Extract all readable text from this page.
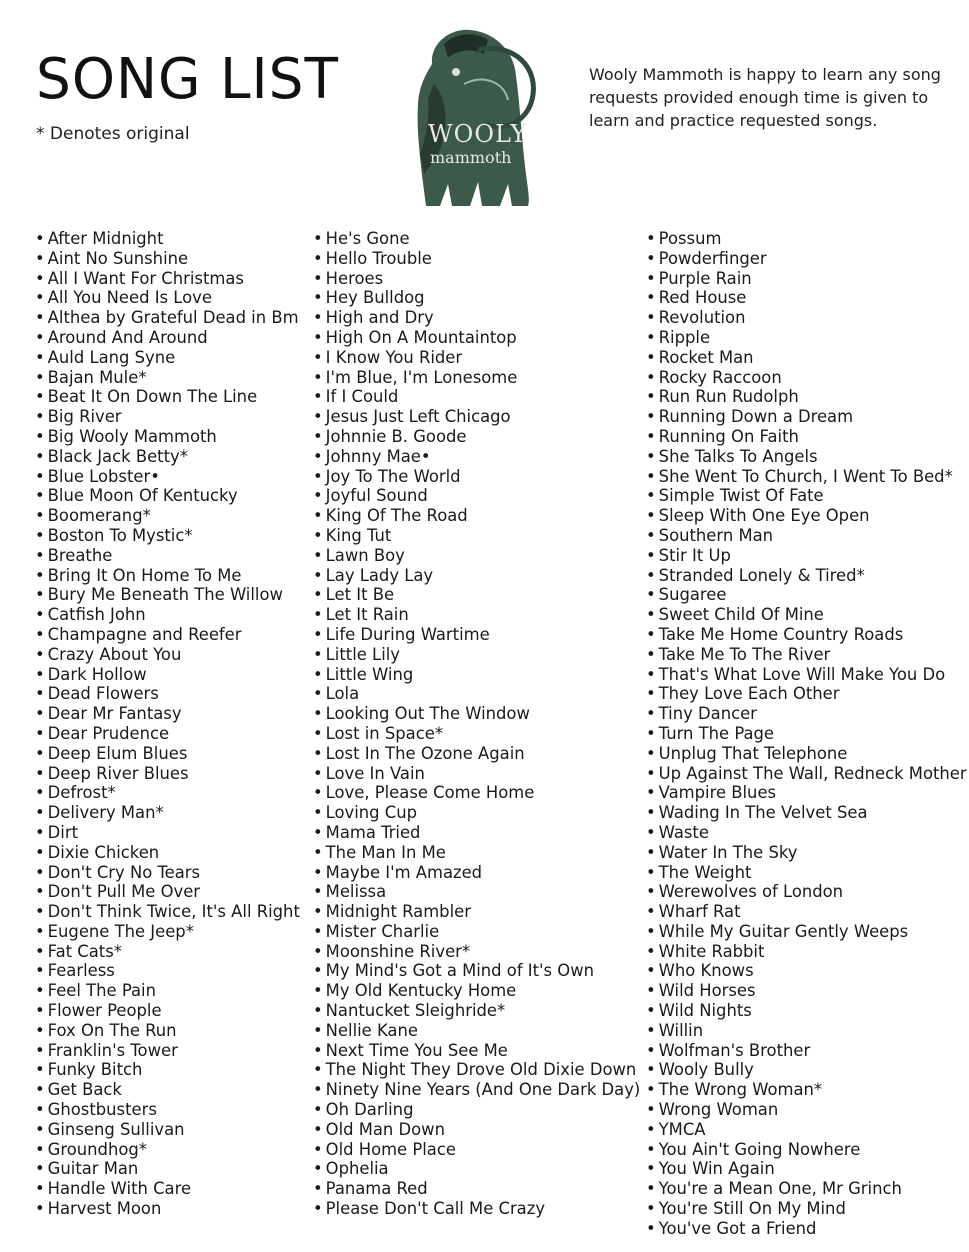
SONG LIST
* Denotes original	WOOLY
mammoth
Wooly Mammoth is happy to learn any song requests provided enough time is given to learn and practice requested songs.
• After Midnight
• Aint No Sunshine
• All I Want For Christmas
• All You Need Is Love
• Althea by Grateful Dead in Bm
• Around And Around
• Auld Lang Syne
• Bajan Mule*
• Beat It On Down The Line
• Big River
• Big Wooly Mammoth
• Black Jack Betty*
• Blue Lobster•
• Blue Moon Of Kentucky
• Boomerang*
• Boston To Mystic*
• Breathe
• Bring It On Home To Me
• Bury Me Beneath The Willow
• Catfish John
• Champagne and Reefer
• Crazy About You
• Dark Hollow
• Dead Flowers
• Dear Mr Fantasy
• Dear Prudence
• Deep Elum Blues
• Deep River Blues
• Defrost*
• Delivery Man*
• Dirt
• Dixie Chicken
• Don't Cry No Tears
• Don't Pull Me Over
• Don't Think Twice, It's All Right
• Eugene The Jeep*
• Fat Cats*
• Fearless
• Feel The Pain
• Flower People
• Fox On The Run
• Franklin's Tower
• Funky Bitch
• Get Back
• Ghostbusters
• Ginseng Sullivan
• Groundhog*
• Guitar Man
• Handle With Care
• Harvest Moon
• He's Gone
• Hello Trouble
• Heroes
• Hey Bulldog
• High and Dry
• High On A Mountaintop
• I Know You Rider
• I'm Blue, I'm Lonesome
• If I Could
• Jesus Just Left Chicago
• Johnnie B. Goode
• Johnny Mae•
• Joy To The World
• Joyful Sound
• King Of The Road
• King Tut
• Lawn Boy
• Lay Lady Lay
• Let It Be
• Let It Rain
• Life During Wartime
• Little Lily
• Little Wing
• Lola
• Looking Out The Window
• Lost in Space*
• Lost In The Ozone Again
• Love In Vain
• Love, Please Come Home
• Loving Cup
• Mama Tried
• The Man In Me
• Maybe I'm Amazed
• Melissa
• Midnight Rambler
• Mister Charlie
• Moonshine River*
• My Mind's Got a Mind of It's Own
• My Old Kentucky Home
• Nantucket Sleighride*
• Nellie Kane
• Next Time You See Me
• The Night They Drove Old Dixie Down
• Ninety Nine Years (And One Dark Day)
• Oh Darling
• Old Man Down
• Old Home Place
• Ophelia
• Panama Red
• Please Don't Call Me Crazy
• Possum
• Powderfinger
• Purple Rain
• Red House
• Revolution
• Ripple
• Rocket Man
• Rocky Raccoon
• Run Run Rudolph
• Running Down a Dream
• Running On Faith
• She Talks To Angels
• She Went To Church, I Went To Bed*
• Simple Twist Of Fate
• Sleep With One Eye Open
• Southern Man
• Stir It Up
• Stranded Lonely & Tired*
• Sugaree
• Sweet Child Of Mine
• Take Me Home Country Roads
• Take Me To The River
• That's What Love Will Make You Do
• They Love Each Other
• Tiny Dancer
• Turn The Page
• Unplug That Telephone
• Up Against The Wall, Redneck Mother
• Vampire Blues
• Wading In The Velvet Sea
• Waste
• Water In The Sky
• The Weight
• Werewolves of London
• Wharf Rat
• While My Guitar Gently Weeps
• White Rabbit
• Who Knows
• Wild Horses
• Wild Nights
• Willin
• Wolfman's Brother
• Wooly Bully
• The Wrong Woman*
• Wrong Woman
• YMCA
• You Ain't Going Nowhere
• You Win Again
• You're a Mean One, Mr Grinch
• You're Still On My Mind
• You've Got a Friend
